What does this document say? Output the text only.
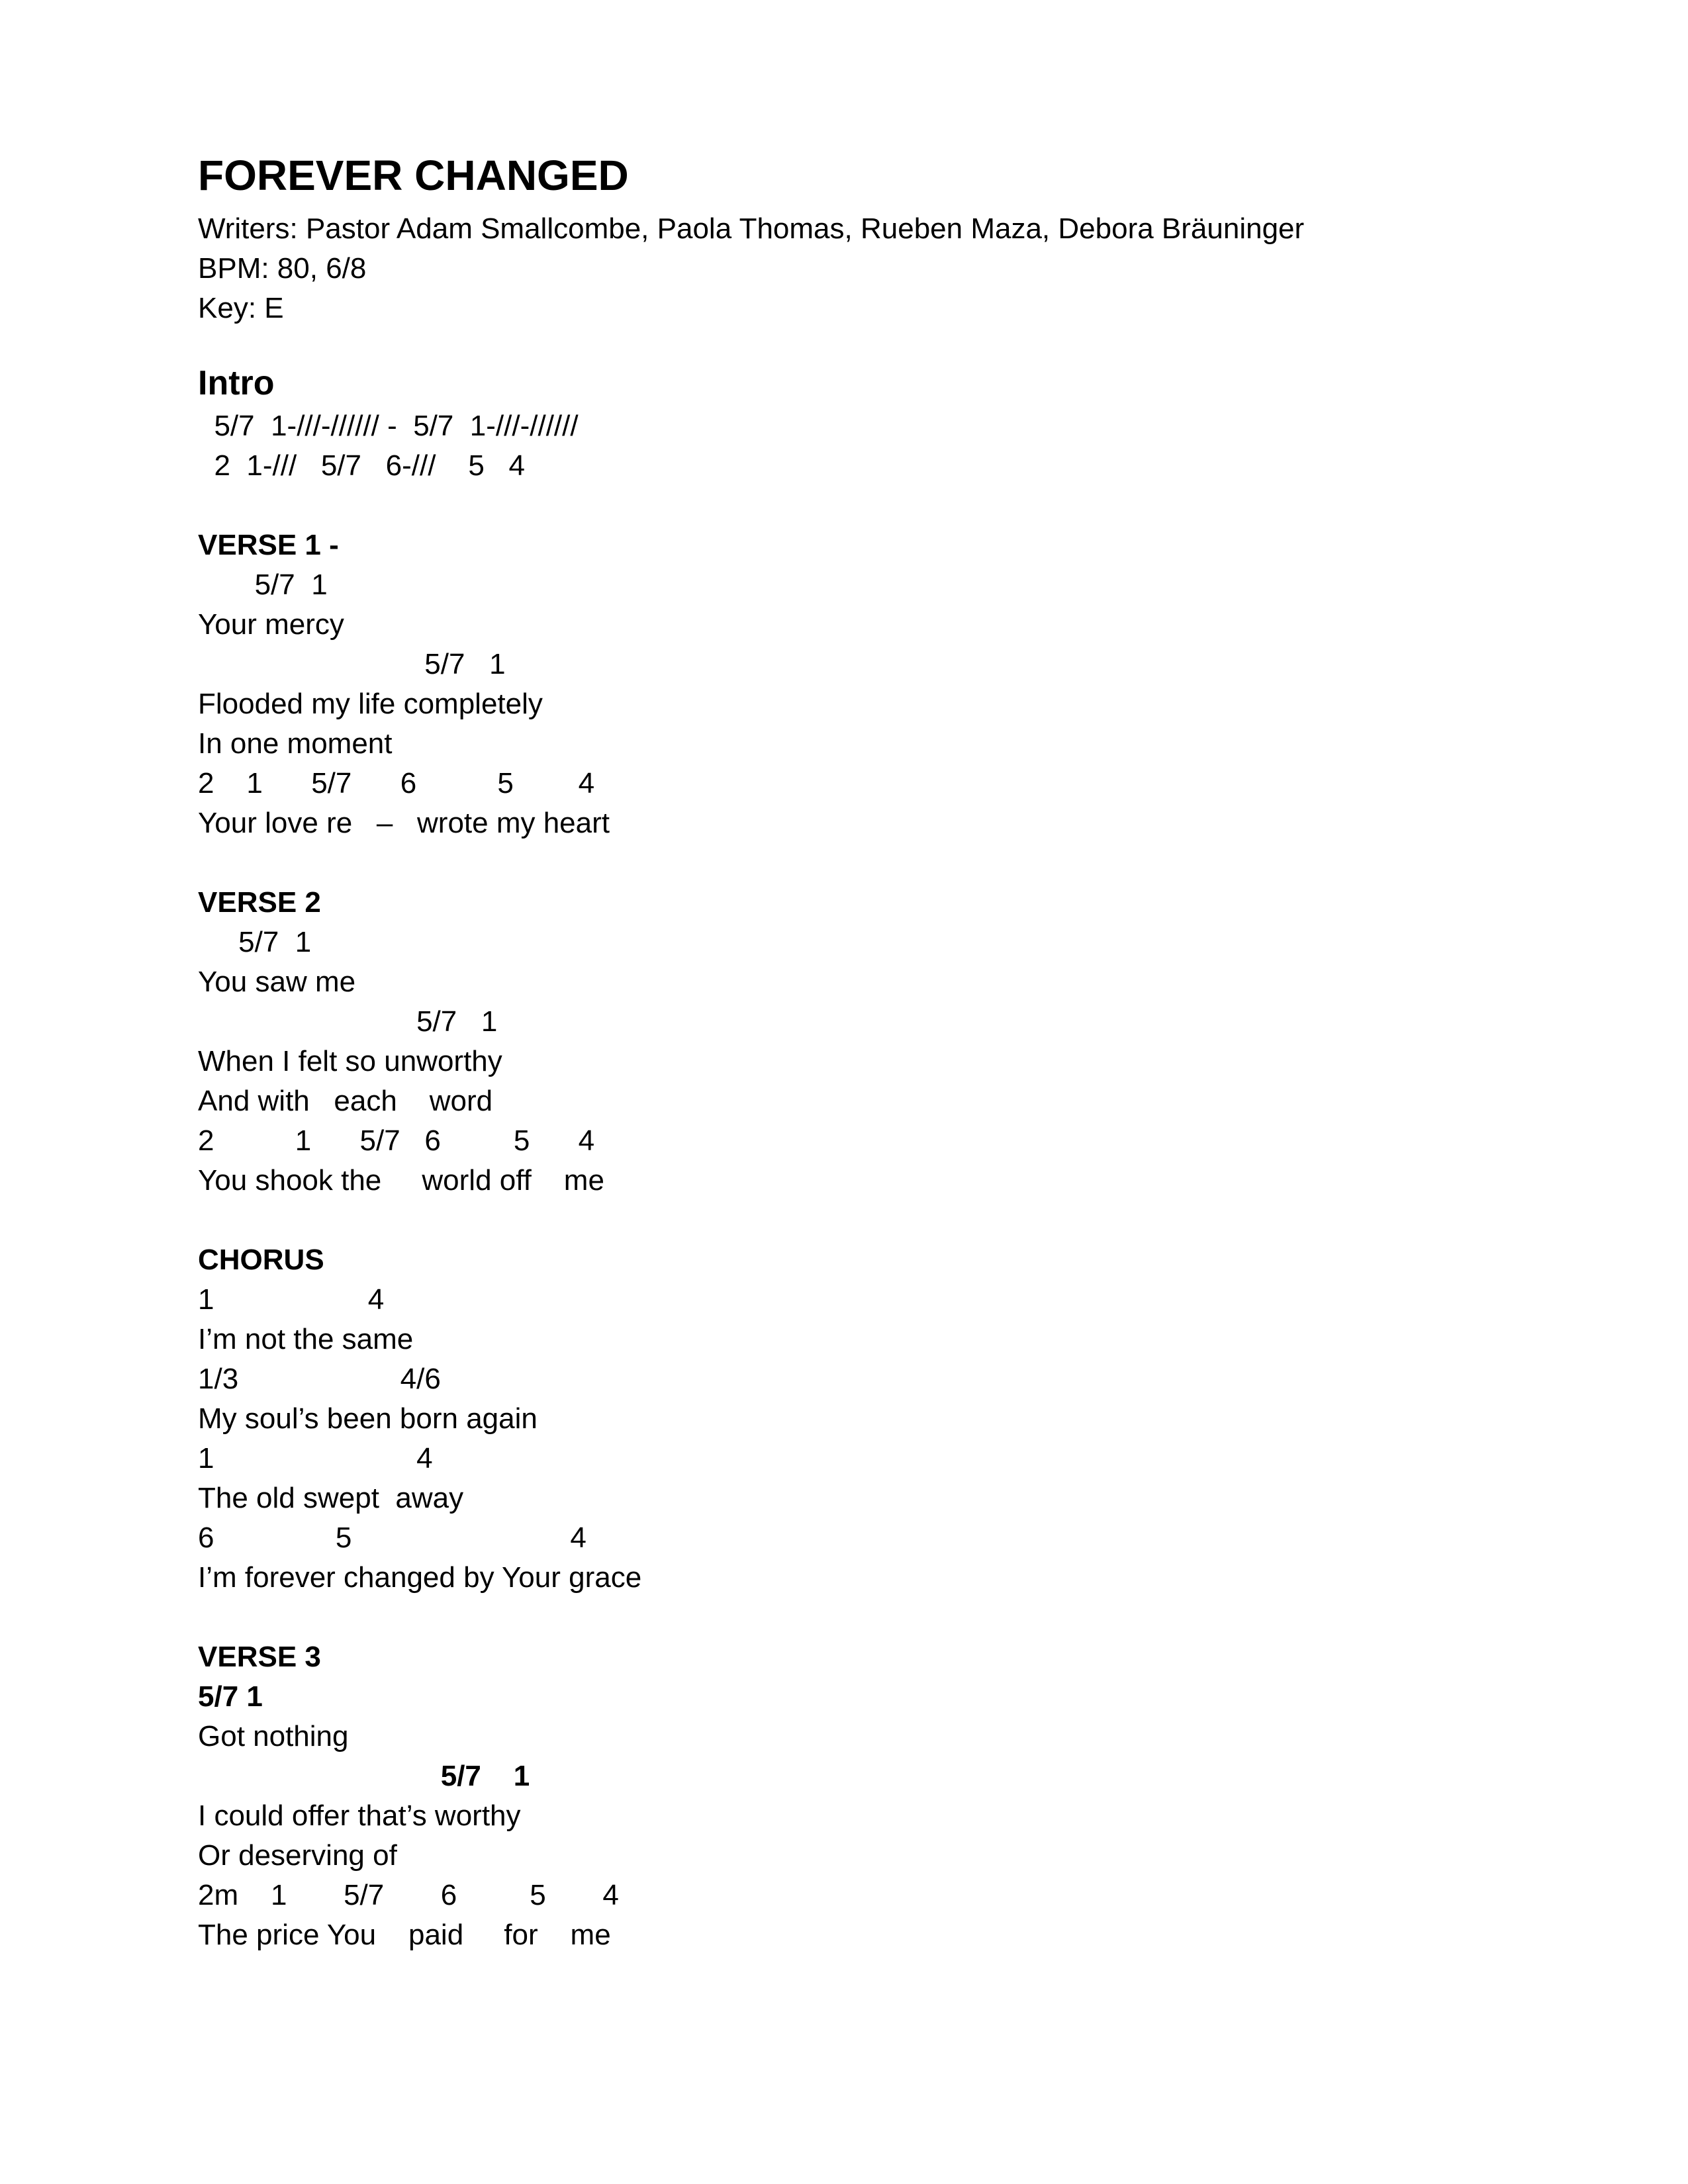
FOREVER CHANGED
Writers: Pastor Adam Smallcombe, Paola Thomas, Rueben Maza, Debora Bräuninger
BPM: 80, 6/8
Key: E
Intro
5/7  1-///-////// -  5/7  1-///-//////
2  1-///   5/7   6-///    5   4
VERSE 1 -
5/7  1
Your mercy
5/7   1
Flooded my life completely
In one moment
2    1      5/7      6          5        4
Your love re   –   wrote my heart
VERSE 2
5/7  1
You saw me
5/7   1
When I felt so unworthy
And with   each    word
2          1      5/7   6         5      4
You shook the     world off    me
CHORUS
1                   4
I’m not the same
1/3                    4/6
My soul’s been born again
1                         4
The old swept  away
6               5                           4
I’m forever changed by Your grace
VERSE 3
5/7 1
Got nothing
5/7    1
I could offer that’s worthy
Or deserving of
2m    1       5/7       6         5       4
The price You    paid     for    me
